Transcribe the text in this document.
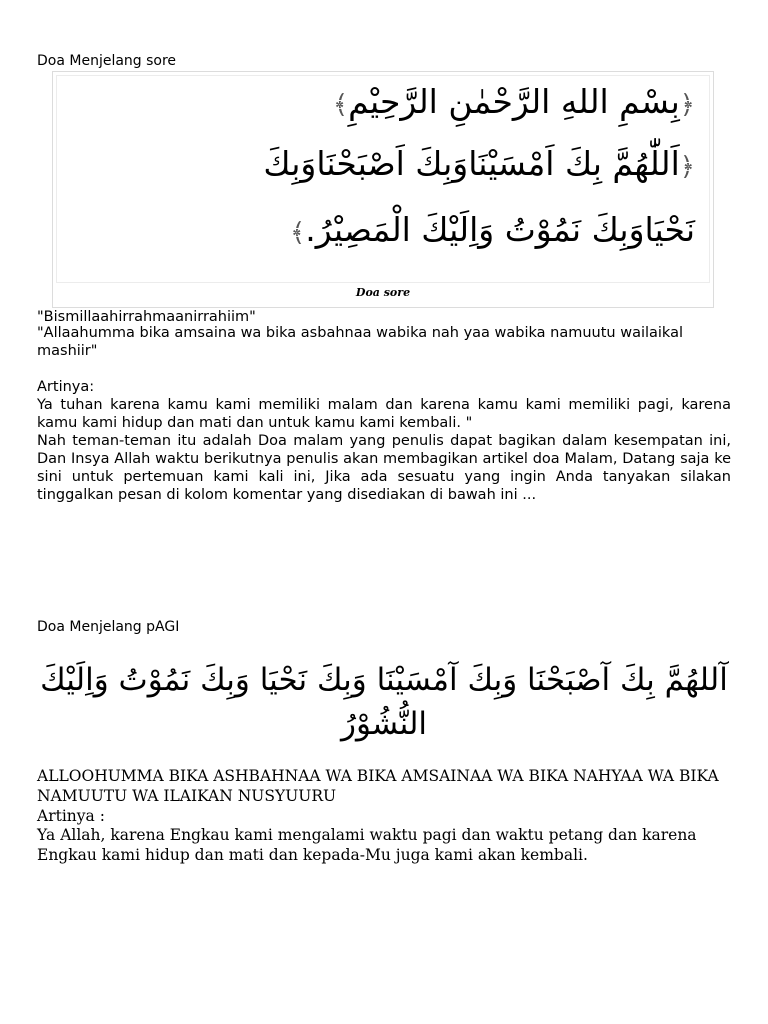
Doa Menjelang sore
﴿بِسْمِ اللهِ الرَّحْمٰنِ الرَّحِيْمِ﴾
﴿اَللّٰهُمَّ بِكَ اَمْسَيْنَاوَبِكَ اَصْبَحْنَاوَبِكَ
نَحْيَاوَبِكَ نَمُوْتُ وَاِلَيْكَ الْمَصِيْرُ.﴾
Doa sore
"Bismillaahirrahmaanirrahiim"
"Allaahumma bika amsaina wa bika asbahnaa wabika nah yaa wabika namuutu wailaikal mashiir"
Artinya:
Ya tuhan karena kamu kami memiliki malam dan karena kamu kami memiliki pagi, karena kamu kami hidup dan mati dan untuk kamu kami kembali. "
Nah teman-teman itu adalah Doa malam yang penulis dapat bagikan dalam kesempatan ini, Dan Insya Allah waktu berikutnya penulis akan membagikan artikel doa Malam, Datang saja ke sini untuk pertemuan kami kali ini, Jika ada sesuatu yang ingin Anda tanyakan silakan tinggalkan pesan di kolom komentar yang disediakan di bawah ini ...
Doa Menjelang pAGI
آللهُمَّ بِكَ آصْبَحْنَا وَبِكَ آمْسَيْنَا وَبِكَ نَحْيَا وَبِكَ نَمُوْتُ وَاِلَيْكَ النُّشُوْرُ
ALLOOHUMMA BIKA ASHBAHNAA WA BIKA AMSAINAA WA BIKA NAHYAA WA BIKA NAMUUTU WA ILAIKAN NUSYUURU
Artinya :
Ya Allah, karena Engkau kami mengalami waktu pagi dan waktu petang dan karena Engkau kami hidup dan mati dan kepada-Mu juga kami akan kembali.
